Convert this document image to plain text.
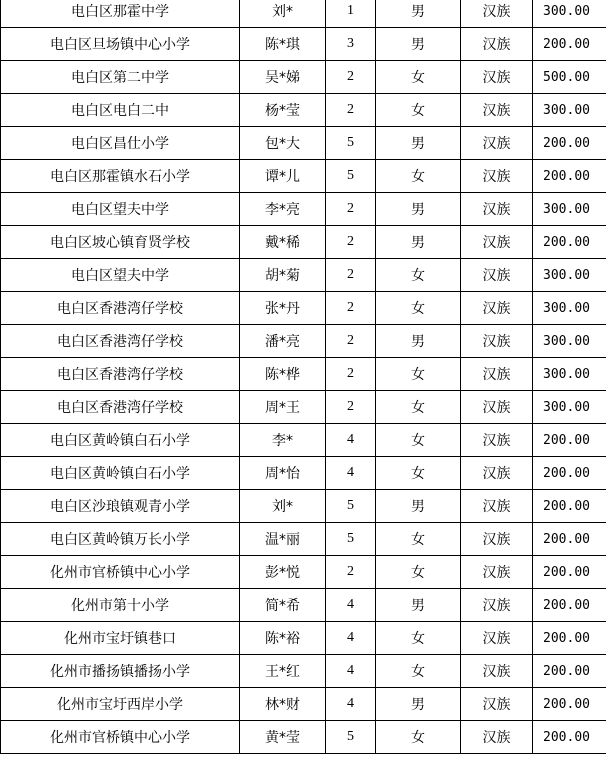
电白区那霍中学	刘*	1	男	汉族	300.00
电白区旦场镇中心小学	陈*琪	3	男	汉族	200.00
电白区第二中学	吴*娣	2	女	汉族	500.00
电白区电白二中	杨*莹	2	女	汉族	300.00
电白区昌仕小学	包*大	5	男	汉族	200.00
电白区那霍镇水石小学	谭*儿	5	女	汉族	200.00
电白区望夫中学	李*亮	2	男	汉族	300.00
电白区坡心镇育贤学校	戴*稀	2	男	汉族	200.00
电白区望夫中学	胡*菊	2	女	汉族	300.00
电白区香港湾仔学校	张*丹	2	女	汉族	300.00
电白区香港湾仔学校	潘*亮	2	男	汉族	300.00
电白区香港湾仔学校	陈*桦	2	女	汉族	300.00
电白区香港湾仔学校	周*王	2	女	汉族	300.00
电白区黄岭镇白石小学	李*	4	女	汉族	200.00
电白区黄岭镇白石小学	周*怡	4	女	汉族	200.00
电白区沙琅镇观青小学	刘*	5	男	汉族	200.00
电白区黄岭镇万长小学	温*丽	5	女	汉族	200.00
化州市官桥镇中心小学	彭*悦	2	女	汉族	200.00
化州市第十小学	简*希	4	男	汉族	200.00
化州市宝圩镇巷口	陈*裕	4	女	汉族	200.00
化州市播扬镇播扬小学	王*红	4	女	汉族	200.00
化州市宝圩西岸小学	林*财	4	男	汉族	200.00
化州市官桥镇中心小学	黄*莹	5	女	汉族	200.00
